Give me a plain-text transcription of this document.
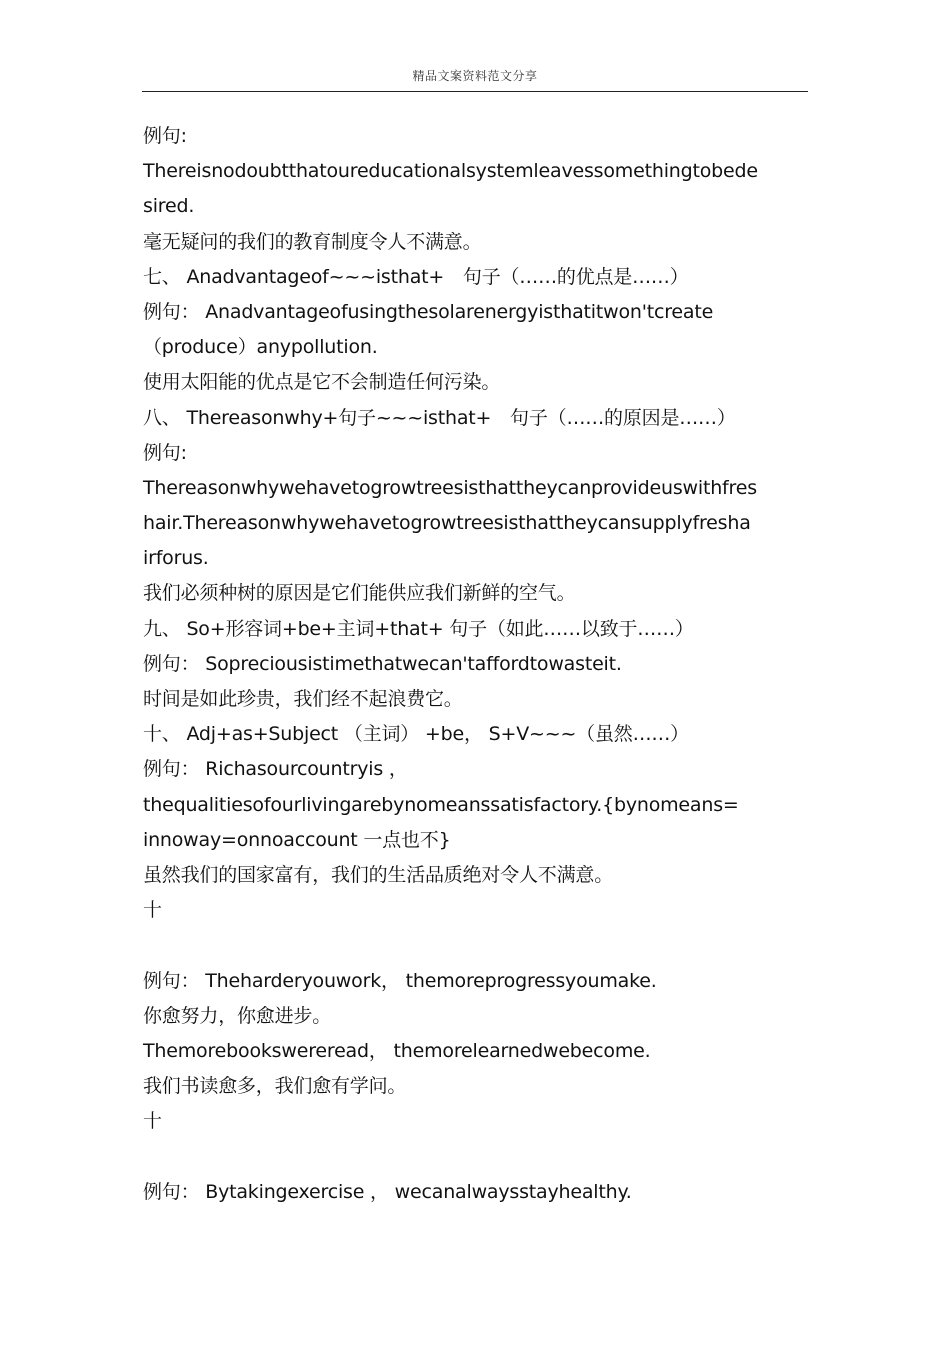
精品文案资料范文分享
例句:
Thereisnodoubtthatoureducationalsystemleavessomethingtobede
sired.
毫无疑问的我们的教育制度令人不满意。
七、 Anadvantageof~~~isthat+　句子（……的优点是……）
例句： Anadvantageofusingthesolarenergyisthatitwon'tcreate
（produce）anypollution.
使用太阳能的优点是它不会制造任何污染。
八、 Thereasonwhy+句子~~~isthat+　句子（……的原因是……）
例句:
Thereasonwhywehavetogrowtreesisthattheycanprovideuswithfres
hair.Thereasonwhywehavetogrowtreesisthattheycansupplyfresha
irforus.
我们必须种树的原因是它们能供应我们新鲜的空气。
九、 So+形容词+be+主词+that+ 句子（如此……以致于……）
例句： Sopreciousistimethatwecan'taffordtowasteit.
时间是如此珍贵，我们经不起浪费它。
十、 Adj+as+Subject （主词） +be， S+V~~~（虽然……）
例句： Richasourcountryis ，
thequalitiesofourlivingarebynomeanssatisfactory.{bynomeans=
innoway=onnoaccount 一点也不}
虽然我们的国家富有，我们的生活品质绝对令人不满意。
十
例句： Theharderyouwork， themoreprogressyoumake.
你愈努力，你愈进步。
Themorebookswereread， themorelearnedwebecome.
我们书读愈多，我们愈有学问。
十
例句： Bytakingexercise ， wecanalwaysstayhealthy.
